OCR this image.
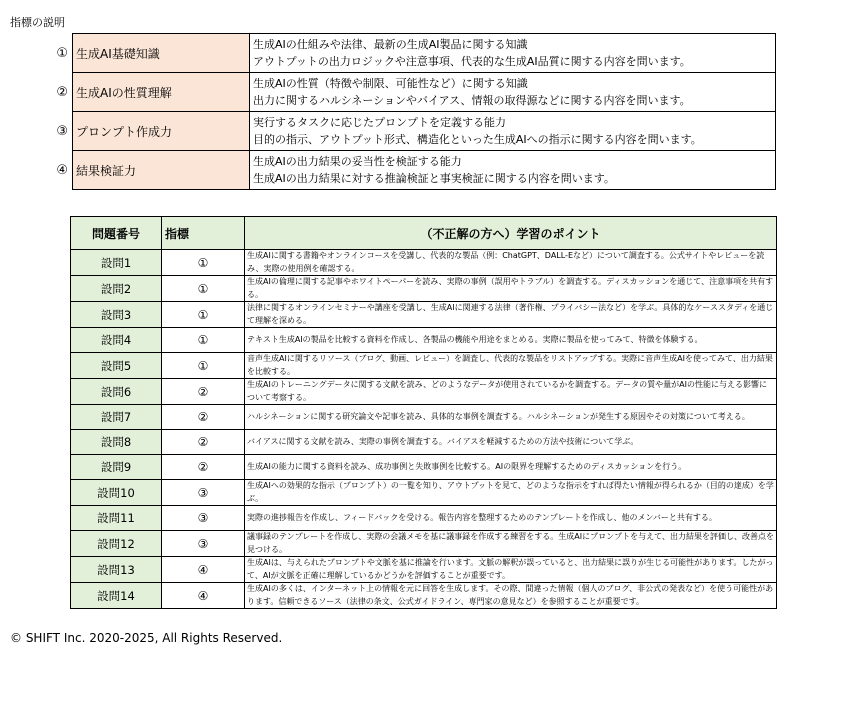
指標の説明
①	生成AI基礎知識	生成AIの仕組みや法律、最新の生成AI製品に関する知識
アウトプットの出力ロジックや注意事項、代表的な生成AI品質に関する内容を問います。

②	生成AIの性質理解	生成AIの性質（特徴や制限、可能性など）に関する知識
出力に関するハルシネーションやバイアス、情報の取得源などに関する内容を問います。

③	プロンプト作成力	実行するタスクに応じたプロンプトを定義する能力
目的の指示、アウトプット形式、構造化といった生成AIへの指示に関する内容を問います。

④	結果検証力	生成AIの出力結果の妥当性を検証する能力
生成AIの出力結果に対する推論検証と事実検証に関する内容を問います。
問題番号	指標	（不正解の方へ）学習のポイント
設問1	①	生成AIに関する書籍やオンラインコースを受講し、代表的な製品（例：ChatGPT、DALL-Eなど）について調査する。公式サイトやレビューを読み、実際の使用例を確認する。
設問2	①	生成AIの倫理に関する記事やホワイトペーパーを読み、実際の事例（誤用やトラブル）を調査する。ディスカッションを通じて、注意事項を共有する。
設問3	①	法律に関するオンラインセミナーや講座を受講し、生成AIに関連する法律（著作権、プライバシー法など）を学ぶ。具体的なケーススタディを通じて理解を深める。
設問4	①	テキスト生成AIの製品を比較する資料を作成し、各製品の機能や用途をまとめる。実際に製品を使ってみて、特徴を体験する。
設問5	①	音声生成AIに関するリソース（ブログ、動画、レビュー）を調査し、代表的な製品をリストアップする。実際に音声生成AIを使ってみて、出力結果を比較する。
設問6	②	生成AIのトレーニングデータに関する文献を読み、どのようなデータが使用されているかを調査する。データの質や量がAIの性能に与える影響について考察する。
設問7	②	ハルシネーションに関する研究論文や記事を読み、具体的な事例を調査する。ハルシネーションが発生する原因やその対策について考える。
設問8	②	バイアスに関する文献を読み、実際の事例を調査する。バイアスを軽減するための方法や技術について学ぶ。
設問9	②	生成AIの能力に関する資料を読み、成功事例と失敗事例を比較する。AIの限界を理解するためのディスカッションを行う。
設問10	③	生成AIへの効果的な指示（プロンプト）の一覧を知り、アウトプットを見て、どのような指示をすれば得たい情報が得られるか（目的の達成）を学ぶ。
設問11	③	実際の進捗報告を作成し、フィードバックを受ける。報告内容を整理するためのテンプレートを作成し、他のメンバーと共有する。
設問12	③	議事録のテンプレートを作成し、実際の会議メモを基に議事録を作成する練習をする。生成AIにプロンプトを与えて、出力結果を評価し、改善点を見つける。
設問13	④	生成AIは、与えられたプロンプトや文脈を基に推論を行います。文脈の解釈が誤っていると、出力結果に誤りが生じる可能性があります。したがって、AIが文脈を正確に理解しているかどうかを評価することが重要です。
設問14	④	生成AIの多くは、インターネット上の情報を元に回答を生成します。その際、間違った情報（個人のブログ、非公式の発表など）を使う可能性があります。信頼できるソース（法律の条文、公式ガイドライン、専門家の意見など）を参照することが重要です。
© SHIFT Inc. 2020-2025, All Rights Reserved.
